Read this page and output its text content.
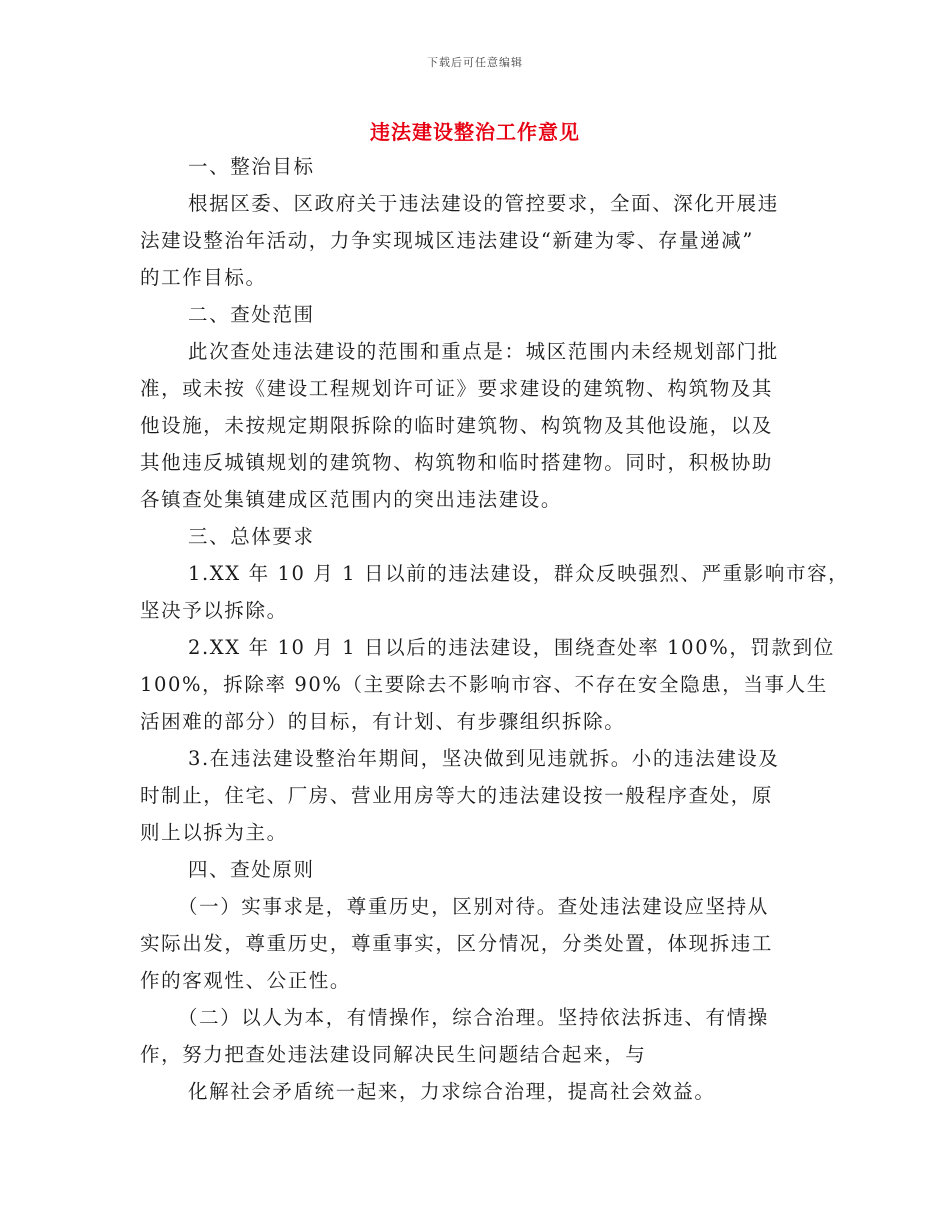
下载后可任意编辑
违法建设整治工作意见
一、整治目标
根据区委、区政府关于违法建设的管控要求，全面、深化开展违
法建设整治年活动，力争实现城区违法建设“新建为零、存量递减”
的工作目标。
二、查处范围
此次查处违法建设的范围和重点是：城区范围内未经规划部门批
准，或未按《建设工程规划许可证》要求建设的建筑物、构筑物及其
他设施，未按规定期限拆除的临时建筑物、构筑物及其他设施，以及
其他违反城镇规划的建筑物、构筑物和临时搭建物。同时，积极协助
各镇查处集镇建成区范围内的突出违法建设。
三、总体要求
1.XX 年 10 月 1 日以前的违法建设，群众反映强烈、严重影响市容，
坚决予以拆除。
2.XX 年 10 月 1 日以后的违法建设，围绕查处率 100%，罚款到位
100%，拆除率 90%（主要除去不影响市容、不存在安全隐患，当事人生
活困难的部分）的目标，有计划、有步骤组织拆除。
3.在违法建设整治年期间，坚决做到见违就拆。小的违法建设及
时制止，住宅、厂房、营业用房等大的违法建设按一般程序查处，原
则上以拆为主。
四、查处原则
（一）实事求是，尊重历史，区别对待。查处违法建设应坚持从
实际出发，尊重历史，尊重事实，区分情况，分类处置，体现拆违工
作的客观性、公正性。
（二）以人为本，有情操作，综合治理。坚持依法拆违、有情操
作，努力把查处违法建设同解决民生问题结合起来，与
化解社会矛盾统一起来，力求综合治理，提高社会效益。
